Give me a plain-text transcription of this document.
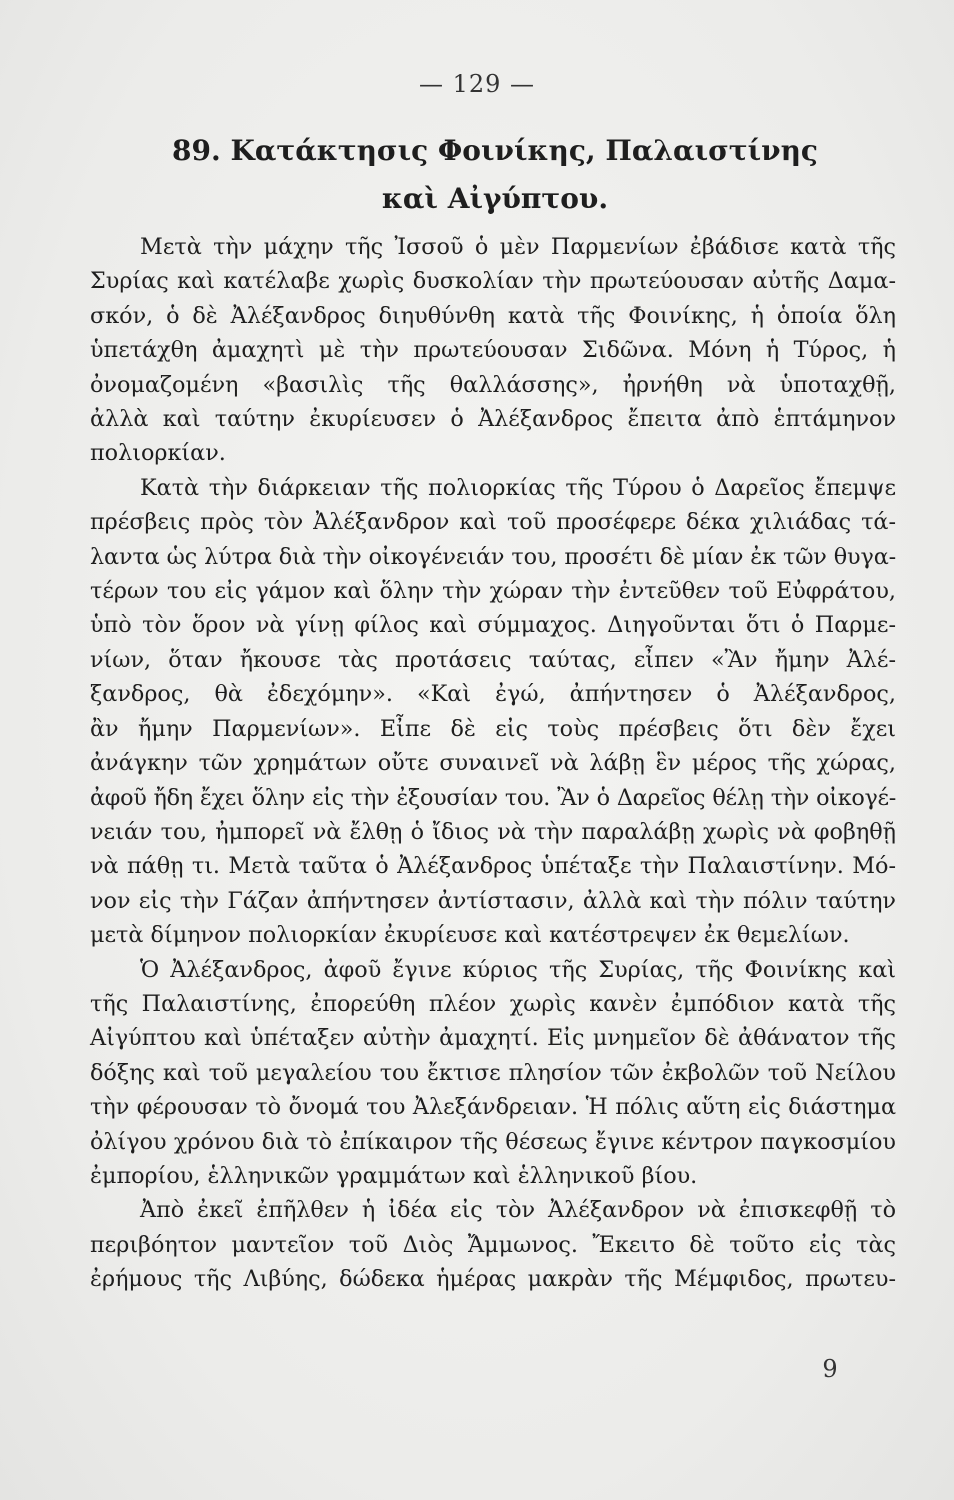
— 129 —
89. Κατάκτησις Φοινίκης, Παλαιστίνης
καὶ Αἰγύπτου.
Μετὰ τὴν μάχην τῆς Ἰσσοῦ ὁ μὲν Παρμενίων ἐβάδισε κατὰ τῆς
Συρίας καὶ κατέλαβε χωρὶς δυσκολίαν τὴν πρωτεύουσαν αὐτῆς Δαμα-
σκόν, ὁ δὲ Ἀλέξανδρος διηυθύνθη κατὰ τῆς Φοινίκης, ἡ ὁποία ὅλη
ὑπετάχθη ἀμαχητὶ μὲ τὴν πρωτεύουσαν Σιδῶνα. Μόνη ἡ Τύρος, ἡ
ὀνομαζομένη «βασιλὶς τῆς θαλλάσσης», ἠρνήθη νὰ ὑποταχθῇ,
ἀλλὰ καὶ ταύτην ἐκυρίευσεν ὁ Ἀλέξανδρος ἔπειτα ἀπὸ ἑπτάμηνον
πολιορκίαν.
Κατὰ τὴν διάρκειαν τῆς πολιορκίας τῆς Τύρου ὁ Δαρεῖος ἔπεμψε
πρέσβεις πρὸς τὸν Ἀλέξανδρον καὶ τοῦ προσέφερε δέκα χιλιάδας τά-
λαντα ὡς λύτρα διὰ τὴν οἰκογένειάν του, προσέτι δὲ μίαν ἐκ τῶν θυγα-
τέρων του εἰς γάμον καὶ ὅλην τὴν χώραν τὴν ἐντεῦθεν τοῦ Εὐφράτου,
ὑπὸ τὸν ὅρον νὰ γίνῃ φίλος καὶ σύμμαχος. Διηγοῦνται ὅτι ὁ Παρμε-
νίων, ὅταν ἤκουσε τὰς προτάσεις ταύτας, εἶπεν «Ἂν ἤμην Ἀλέ-
ξανδρος, θὰ ἐδεχόμην». «Καὶ ἐγώ, ἀπήντησεν ὁ Ἀλέξανδρος,
ἂν ἤμην Παρμενίων». Εἶπε δὲ εἰς τοὺς πρέσβεις ὅτι δὲν ἔχει
ἀνάγκην τῶν χρημάτων οὔτε συναινεῖ νὰ λάβῃ ἓν μέρος τῆς χώρας,
ἀφοῦ ἤδη ἔχει ὅλην εἰς τὴν ἐξουσίαν του. Ἂν ὁ Δαρεῖος θέλῃ τὴν οἰκογέ-
νειάν του, ἠμπορεῖ νὰ ἔλθῃ ὁ ἴδιος νὰ τὴν παραλάβῃ χωρὶς νὰ φοβηθῇ
νὰ πάθῃ τι. Μετὰ ταῦτα ὁ Ἀλέξανδρος ὑπέταξε τὴν Παλαιστίνην. Μό-
νον εἰς τὴν Γάζαν ἀπήντησεν ἀντίστασιν, ἀλλὰ καὶ τὴν πόλιν ταύτην
μετὰ δίμηνον πολιορκίαν ἐκυρίευσε καὶ κατέστρεψεν ἐκ θεμελίων.
Ὁ Ἀλέξανδρος, ἀφοῦ ἔγινε κύριος τῆς Συρίας, τῆς Φοινίκης καὶ
τῆς Παλαιστίνης, ἐπορεύθη πλέον χωρὶς κανὲν ἐμπόδιον κατὰ τῆς
Αἰγύπτου καὶ ὑπέταξεν αὐτὴν ἀμαχητί. Εἰς μνημεῖον δὲ ἀθάνατον τῆς
δόξης καὶ τοῦ μεγαλείου του ἔκτισε πλησίον τῶν ἐκβολῶν τοῦ Νείλου
τὴν φέρουσαν τὸ ὄνομά του Ἀλεξάνδρειαν. Ἡ πόλις αὕτη εἰς διάστημα
ὀλίγου χρόνου διὰ τὸ ἐπίκαιρον τῆς θέσεως ἔγινε κέντρον παγκοσμίου
ἐμπορίου, ἑλληνικῶν γραμμάτων καὶ ἑλληνικοῦ βίου.
Ἀπὸ ἐκεῖ ἐπῆλθεν ἡ ἰδέα εἰς τὸν Ἀλέξανδρον νὰ ἐπισκεφθῇ τὸ
περιβόητον μαντεῖον τοῦ Διὸς Ἄμμωνος. Ἔκειτο δὲ τοῦτο εἰς τὰς
ἐρήμους τῆς Λιβύης, δώδεκα ἡμέρας μακρὰν τῆς Μέμφιδος, πρωτευ-
9
